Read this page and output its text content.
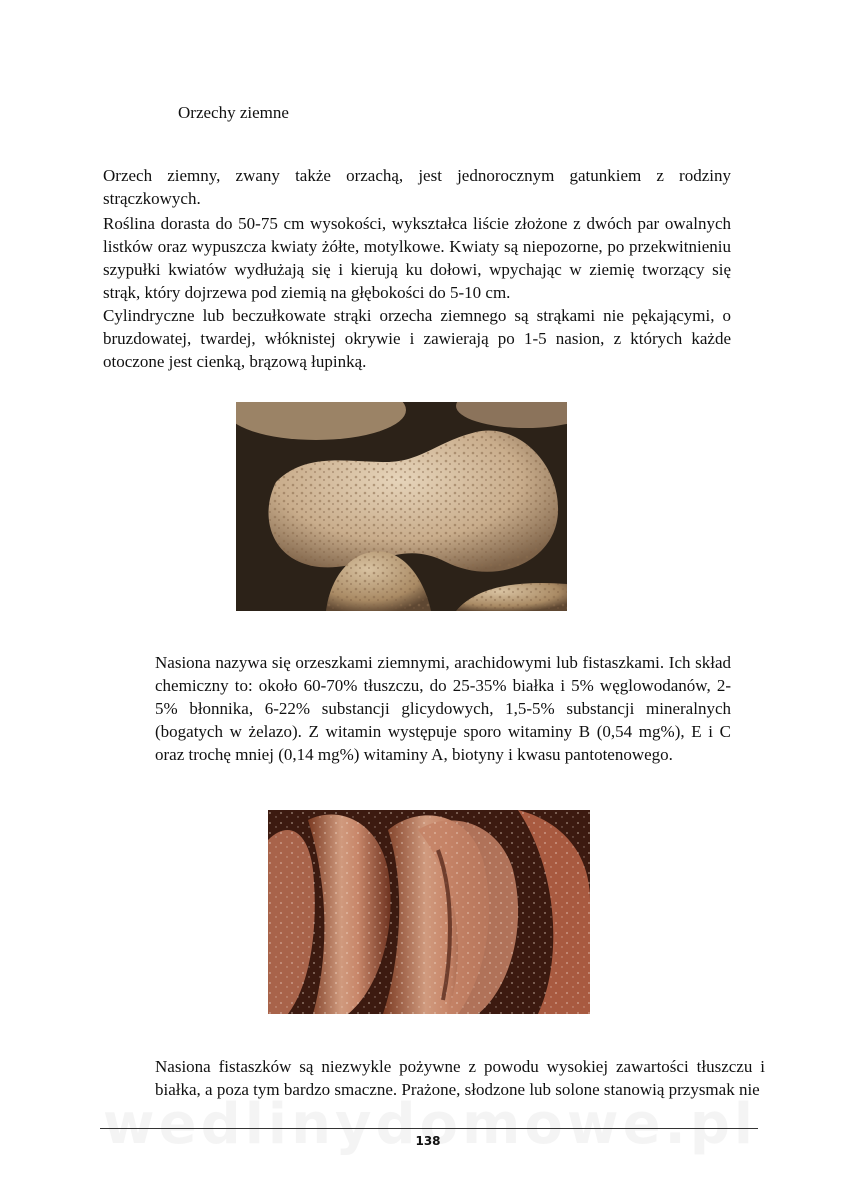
Orzechy ziemne

Orzech ziemny, zwany także orzachą, jest jednorocznym gatunkiem z rodziny strączkowych.

Roślina dorasta do 50-75 cm wysokości, wykształca liście złożone z dwóch par owalnych listków oraz wypuszcza kwiaty żółte, motylkowe. Kwiaty są niepozorne, po przekwitnieniu szypułki kwiatów wydłużają się i kierują ku dołowi, wpychając w ziemię tworzący się strąk, który dojrzewa pod ziemią na głębokości do 5-10 cm.

Cylindryczne lub beczułkowate strąki orzecha ziemnego są strąkami nie pękającymi, o bruzdowatej, twardej, włóknistej okrywie i zawierają po 1-5 nasion, z których każde otoczone jest cienką, brązową łupinką.

Nasiona nazywa się orzeszkami ziemnymi, arachidowymi lub fistaszkami. Ich skład chemiczny to: około 60-70% tłuszczu, do 25-35% białka i 5% węglowodanów, 2-5% błonnika, 6-22% substancji glicydowych, 1,5-5% substancji mineralnych (bogatych w żelazo). Z witamin występuje sporo witaminy B (0,54 mg%), E i C oraz trochę mniej (0,14 mg%) witaminy A, biotyny i kwasu pantotenowego.

Nasiona fistaszków są niezwykle pożywne z powodu wysokiej zawartości tłuszczu i białka, a poza tym bardzo smaczne. Prażone, słodzone lub solone stanowią przysmak nie

138
